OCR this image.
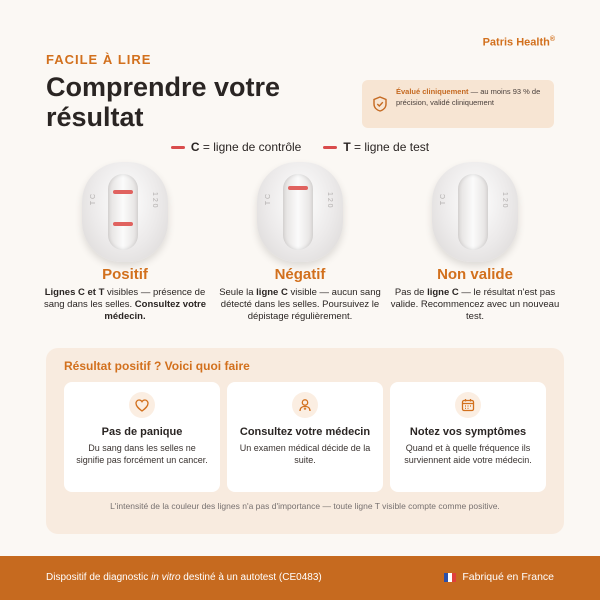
FACILE À LIRE
Patris Health®
Comprendre votre résultat
Évalué cliniquement — au moins 93 % de précision, validé cliniquement
C = ligne de contrôle	T = ligne de test
T C	1 2 0
Positif
Lignes C et T visibles — présence de sang dans les selles. Consultez votre médecin.
T C	1 2 0
Négatif
Seule la ligne C visible — aucun sang détecté dans les selles. Poursuivez le dépistage régulièrement.
T C	1 2 0
Non valide
Pas de ligne C — le résultat n'est pas valide. Recommencez avec un nouveau test.
Résultat positif ? Voici quoi faire
Pas de panique
Du sang dans les selles ne signifie pas forcément un cancer.
Consultez votre médecin
Un examen médical décide de la suite.
Notez vos symptômes
Quand et à quelle fréquence ils surviennent aide votre médecin.
L'intensité de la couleur des lignes n'a pas d'importance — toute ligne T visible compte comme positive.
Dispositif de diagnostic in vitro destiné à un autotest (CE0483)	Fabriqué en France
